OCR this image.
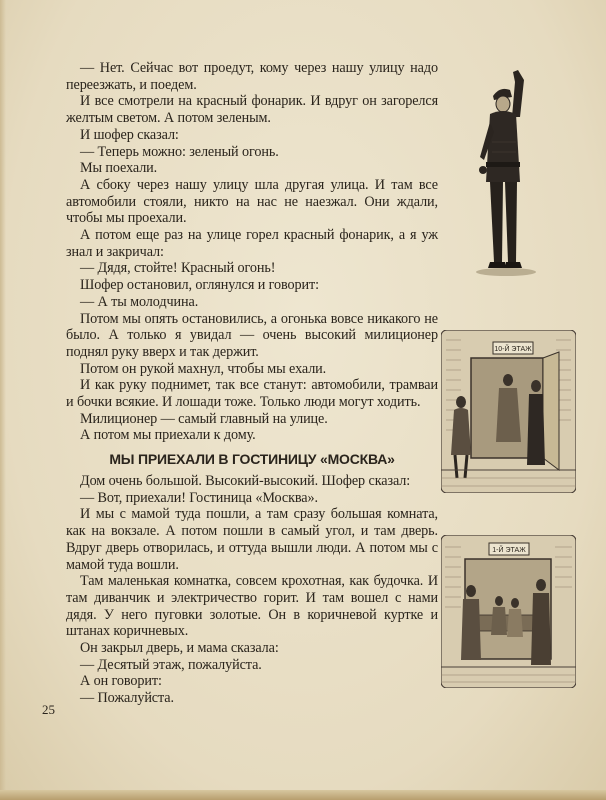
— Нет. Сейчас вот проедут, кому через нашу улицу надо переезжать, и поедем.

И все смотрели на красный фонарик. И вдруг он загорелся желтым светом. А потом зеленым.

И шофер сказал:

— Теперь можно: зеленый огонь.

Мы поехали.

А сбоку через нашу улицу шла другая улица. И там все автомобили стояли, никто на нас не наезжал. Они ждали, чтобы мы проехали.

А потом еще раз на улице горел красный фонарик, а я уж знал и закричал:

— Дядя, стойте! Красный огонь!

Шофер остановил, оглянулся и говорит:

— А ты молодчина.

Потом мы опять остановились, а огонька вовсе никакого не было. А только я увидал — очень высокий милиционер поднял руку вверх и так держит.

Потом он рукой махнул, чтобы мы ехали.

И как руку поднимет, так все станут: автомобили, трамваи и бочки всякие. И лошади тоже. Только люди могут ходить.

Милиционер — самый главный на улице.

А потом мы приехали к дому.

МЫ ПРИЕХАЛИ В ГОСТИНИЦУ «МОСКВА»

Дом очень большой. Высокий-высокий. Шофер сказал:

— Вот, приехали! Гостиница «Москва».

И мы с мамой туда пошли, а там сразу большая комната, как на вокзале. А потом пошли в самый угол, и там дверь. Вдруг дверь отворилась, и оттуда вышли люди. А потом мы с мамой туда вошли.

Там маленькая комнатка, совсем крохотная, как будочка. И там диванчик и электричество горит. И там вошел с нами дядя. У него пуговки золотые. Он в коричневой куртке и штанах коричневых.

Он закрыл дверь, и мама сказала:

— Десятый этаж, пожалуйста.

А он говорит:

— Пожалуйста.

25
10-Й ЭТАЖ
1-Й ЭТАЖ
